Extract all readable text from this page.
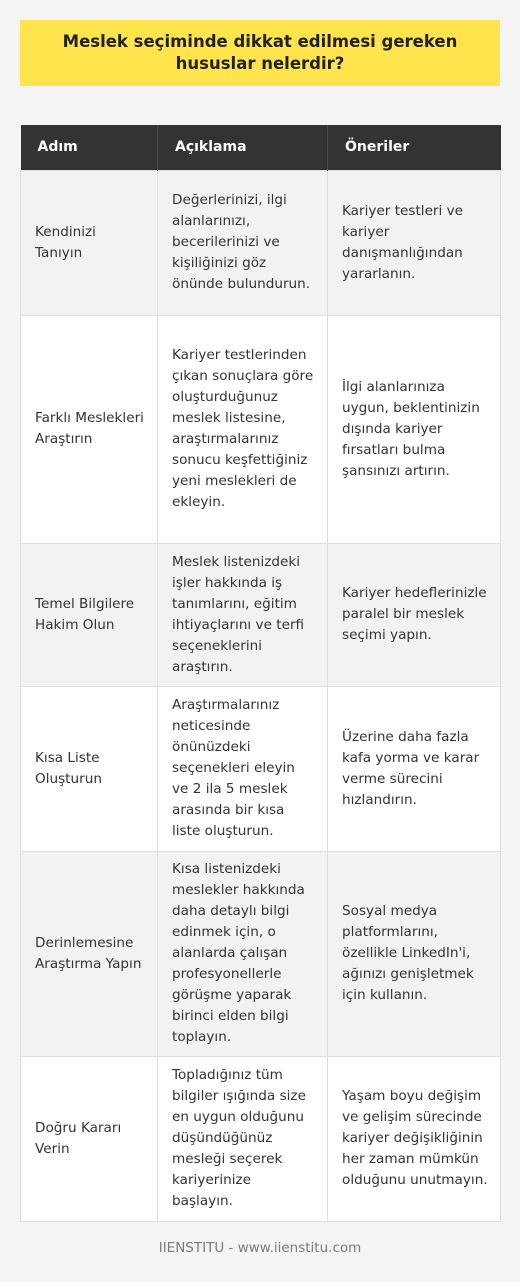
Meslek seçiminde dikkat edilmesi gereken hususlar nelerdir?
Adım	Açıklama	Öneriler
Kendinizi Tanıyın	Değerlerinizi, ilgi alanlarınızı, becerilerinizi ve kişiliğinizi göz önünde bulundurun.	Kariyer testleri ve kariyer danışmanlığından yararlanın.
Farklı Meslekleri Araştırın	Kariyer testlerinden çıkan sonuçlara göre oluşturduğunuz meslek listesine, araştırmalarınız sonucu keşfettiğiniz yeni meslekleri de ekleyin.	İlgi alanlarınıza uygun, beklentinizin dışında kariyer fırsatları bulma şansınızı artırın.
Temel Bilgilere Hakim Olun	Meslek listenizdeki işler hakkında iş tanımlarını, eğitim ihtiyaçlarını ve terfi seçeneklerini araştırın.	Kariyer hedeflerinizle paralel bir meslek seçimi yapın.
Kısa Liste Oluşturun	Araştırmalarınız neticesinde önünüzdeki seçenekleri eleyin ve 2 ila 5 meslek arasında bir kısa liste oluşturun.	Üzerine daha fazla kafa yorma ve karar verme sürecini hızlandırın.
Derinlemesine Araştırma Yapın	Kısa listenizdeki meslekler hakkında daha detaylı bilgi edinmek için, o alanlarda çalışan profesyonellerle görüşme yaparak birinci elden bilgi toplayın.	Sosyal medya platformlarını, özellikle LinkedIn'i, ağınızı genişletmek için kullanın.
Doğru Kararı Verin	Topladığınız tüm bilgiler ışığında size en uygun olduğunu düşündüğünüz mesleği seçerek kariyerinize başlayın.	Yaşam boyu değişim ve gelişim sürecinde kariyer değişikliğinin her zaman mümkün olduğunu unutmayın.
IIENSTITU - www.iienstitu.com
